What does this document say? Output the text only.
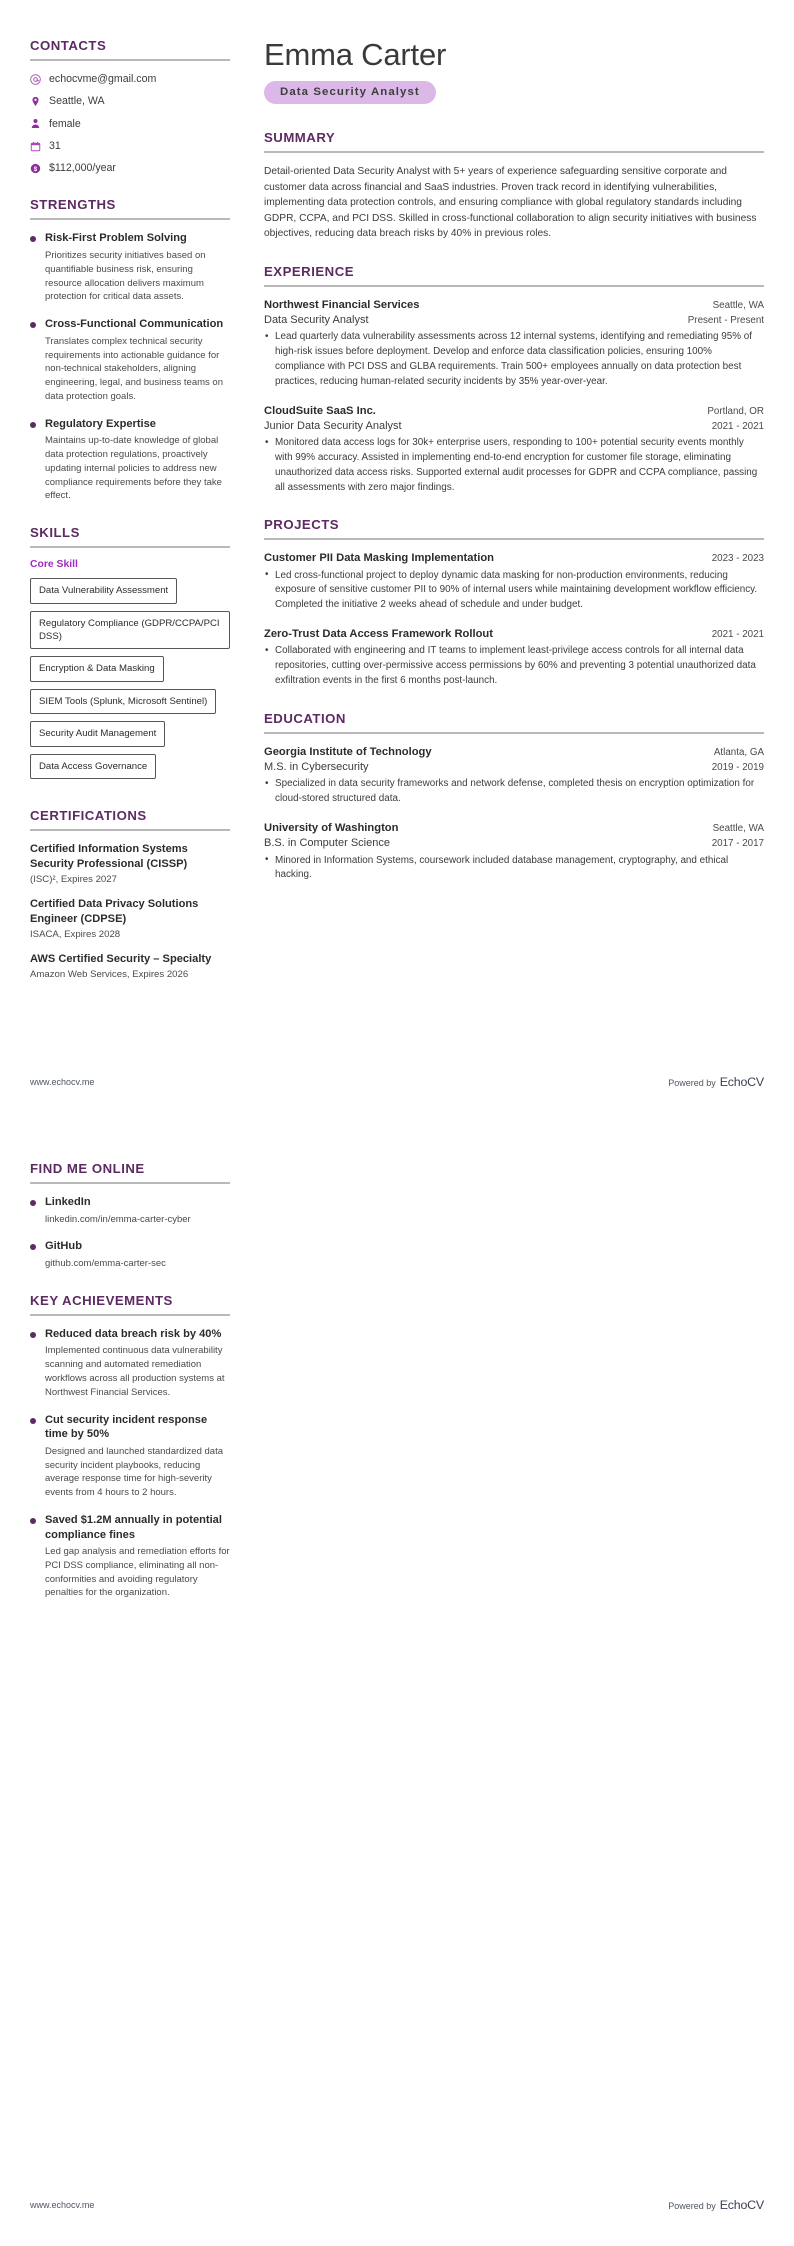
CONTACTS
echocvme@gmail.com
Seattle, WA
female
31
$ $112,000/year
STRENGTHS
Risk-First Problem Solving
Prioritizes security initiatives based on quantifiable business risk, ensuring resource allocation delivers maximum protection for critical data assets.
Cross-Functional Communication
Translates complex technical security requirements into actionable guidance for non-technical stakeholders, aligning engineering, legal, and business teams on data protection goals.
Regulatory Expertise
Maintains up-to-date knowledge of global data protection regulations, proactively updating internal policies to address new compliance requirements before they take effect.
SKILLS
Core Skill
Data Vulnerability Assessment
Regulatory Compliance (GDPR/CCPA/PCI DSS)
Encryption & Data Masking SIEM Tools (Splunk, Microsoft Sentinel) Security Audit Management Data Access Governance
CERTIFICATIONS
Certified Information Systems Security Professional (CISSP)
(ISC)², Expires 2027
Certified Data Privacy Solutions Engineer (CDPSE)
ISACA, Expires 2028
AWS Certified Security – Specialty
Amazon Web Services, Expires 2026
Emma Carter
Data Security Analyst
SUMMARY

Detail-oriented Data Security Analyst with 5+ years of experience safeguarding sensitive corporate and customer data across financial and SaaS industries. Proven track record in identifying vulnerabilities, implementing data protection controls, and ensuring compliance with global regulatory standards including GDPR, CCPA, and PCI DSS. Skilled in cross-functional collaboration to align security initiatives with business objectives, reducing data breach risks by 40% in previous roles.

EXPERIENCE
Northwest Financial Services	Seattle, WA
Data Security Analyst	Present - Present
• Lead quarterly data vulnerability assessments across 12 internal systems, identifying and remediating 95% of high-risk issues before deployment. Develop and enforce data classification policies, ensuring 100% compliance with PCI DSS and GLBA requirements. Train 500+ employees annually on data protection best practices, reducing human-related security incidents by 35% year-over-year.
CloudSuite SaaS Inc.	Portland, OR
Junior Data Security Analyst	2021 - 2021
• Monitored data access logs for 30k+ enterprise users, responding to 100+ potential security events monthly with 99% accuracy. Assisted in implementing end-to-end encryption for customer file storage, eliminating unauthorized data access risks. Supported external audit processes for GDPR and CCPA compliance, passing all assessments with zero major findings.
PROJECTS
Customer PII Data Masking Implementation	2023 - 2023
• Led cross-functional project to deploy dynamic data masking for non-production environments, reducing exposure of sensitive customer PII to 90% of internal users while maintaining development workflow efficiency. Completed the initiative 2 weeks ahead of schedule and under budget.
Zero-Trust Data Access Framework Rollout	2021 - 2021
• Collaborated with engineering and IT teams to implement least-privilege access controls for all internal data repositories, cutting over-permissive access permissions by 60% and preventing 3 potential unauthorized data exfiltration events in the first 6 months post-launch.
EDUCATION
Georgia Institute of Technology	Atlanta, GA
M.S. in Cybersecurity	2019 - 2019
• Specialized in data security frameworks and network defense, completed thesis on encryption optimization for cloud-stored structured data.
University of Washington	Seattle, WA
B.S. in Computer Science	2017 - 2017
• Minored in Information Systems, coursework included database management, cryptography, and ethical hacking.
www.echocv.me	Powered by EchoCV
FIND ME ONLINE
LinkedIn
linkedin.com/in/emma-carter-cyber
GitHub
github.com/emma-carter-sec
KEY ACHIEVEMENTS
Reduced data breach risk by 40%
Implemented continuous data vulnerability scanning and automated remediation workflows across all production systems at Northwest Financial Services.
Cut security incident response time by 50%
Designed and launched standardized data security incident playbooks, reducing average response time for high-severity events from 4 hours to 2 hours.
Saved $1.2M annually in potential compliance fines
Led gap analysis and remediation efforts for PCI DSS compliance, eliminating all non-conformities and avoiding regulatory penalties for the organization.
www.echocv.me	Powered by EchoCV
